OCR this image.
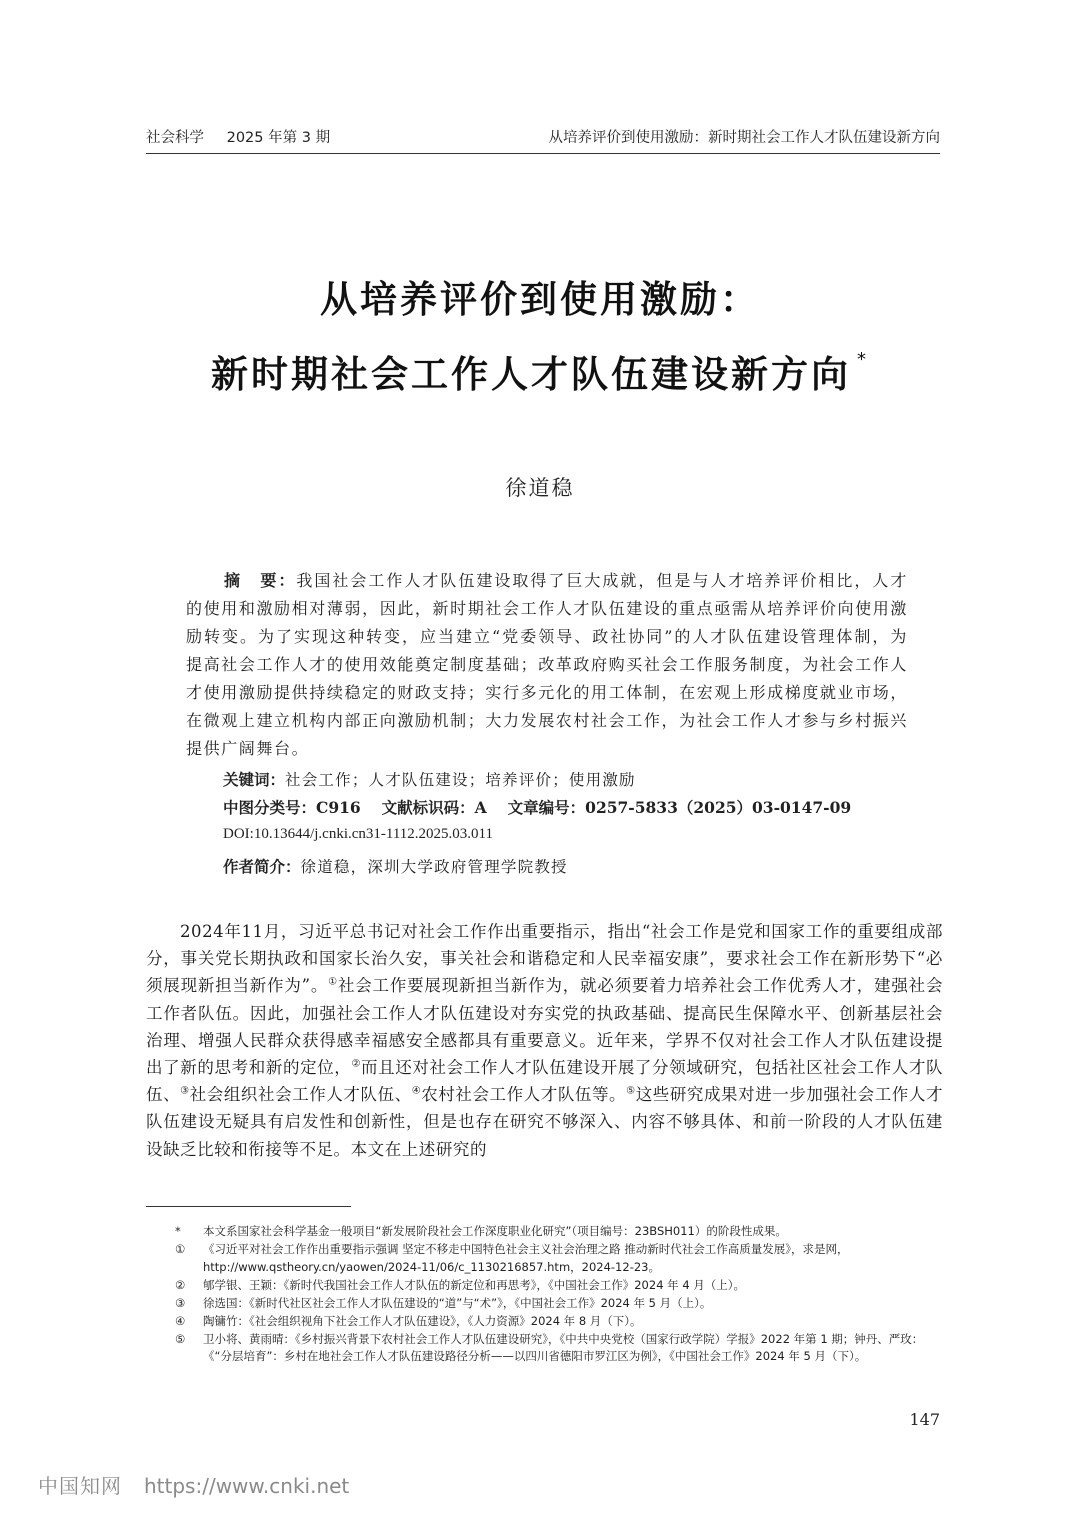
社会科学 2025 年第 3 期	从培养评价到使用激励：新时期社会工作人才队伍建设新方向
从培养评价到使用激励：
新时期社会工作人才队伍建设新方向 *
徐道稳
摘 要：我国社会工作人才队伍建设取得了巨大成就，但是与人才培养评价相比，人才的使用和激励相对薄弱，因此，新时期社会工作人才队伍建设的重点亟需从培养评价向使用激励转变。为了实现这种转变，应当建立“党委领导、政社协同”的人才队伍建设管理体制，为提高社会工作人才的使用效能奠定制度基础；改革政府购买社会工作服务制度，为社会工作人才使用激励提供持续稳定的财政支持；实行多元化的用工体制，在宏观上形成梯度就业市场，在微观上建立机构内部正向激励机制；大力发展农村社会工作，为社会工作人才参与乡村振兴提供广阔舞台。
关键词：社会工作；人才队伍建设；培养评价；使用激励
中图分类号：C916 文献标识码：A 文章编号：0257-5833（2025）03-0147-09
DOI:10.13644/j.cnki.cn31-1112.2025.03.011
作者简介：徐道稳，深圳大学政府管理学院教授
2024年11月，习近平总书记对社会工作作出重要指示，指出“社会工作是党和国家工作的重要组成部分，事关党长期执政和国家长治久安，事关社会和谐稳定和人民幸福安康”，要求社会工作在新形势下“必须展现新担当新作为”。①社会工作要展现新担当新作为，就必须要着力培养社会工作优秀人才，建强社会工作者队伍。因此，加强社会工作人才队伍建设对夯实党的执政基础、提高民生保障水平、创新基层社会治理、增强人民群众获得感幸福感安全感都具有重要意义。近年来，学界不仅对社会工作人才队伍建设提出了新的思考和新的定位，②而且还对社会工作人才队伍建设开展了分领域研究，包括社区社会工作人才队伍、③社会组织社会工作人才队伍、④农村社会工作人才队伍等。⑤这些研究成果对进一步加强社会工作人才队伍建设无疑具有启发性和创新性，但是也存在研究不够深入、内容不够具体、和前一阶段的人才队伍建设缺乏比较和衔接等不足。本文在上述研究的
* 本文系国家社会科学基金一般项目“新发展阶段社会工作深度职业化研究”（项目编号：23BSH011）的阶段性成果。
① 《习近平对社会工作作出重要指示强调 坚定不移走中国特色社会主义社会治理之路 推动新时代社会工作高质量发展》，求是网，http://www.qstheory.cn/yaowen/2024-11/06/c_1130216857.htm，2024-12-23。
② 郇学银、王颖：《新时代我国社会工作人才队伍的新定位和再思考》，《中国社会工作》2024 年 4 月（上）。
③ 徐选国：《新时代社区社会工作人才队伍建设的“道”与“术”》，《中国社会工作》2024 年 5 月（上）。
④ 陶镛竹：《社会组织视角下社会工作人才队伍建设》，《人力资源》2024 年 8 月（下）。
⑤ 卫小将、黄雨晴：《乡村振兴背景下农村社会工作人才队伍建设研究》，《中共中央党校（国家行政学院）学报》2022 年第 1 期；钟丹、严玫：《“分层培育”：乡村在地社会工作人才队伍建设路径分析——以四川省德阳市罗江区为例》，《中国社会工作》2024 年 5 月（下）。
147
中国知网 https://www.cnki.net
